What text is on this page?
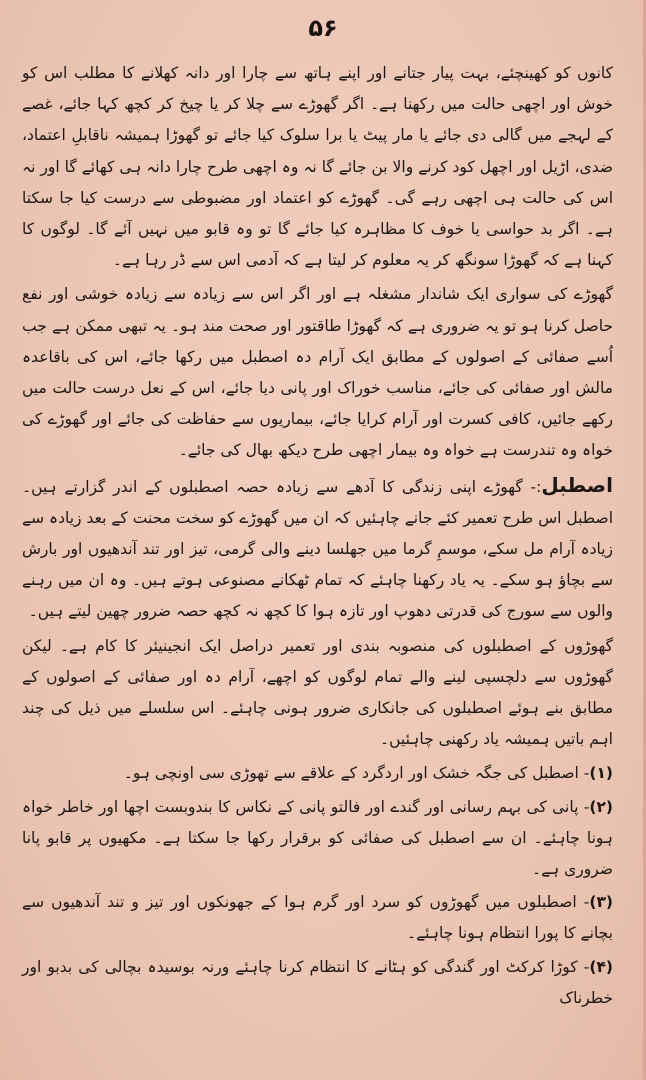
۵۶

کانوں کو کھینچئے، بہت پیار جتانے اور اپنے ہاتھ سے چارا اور دانہ کھلانے کا مطلب اس کو خوش اور اچھی حالت میں رکھنا ہے۔ اگر گھوڑے سے چلا کر یا چیخ کر کچھ کہا جائے، غصے کے لہجے میں گالی دی جائے یا مار پیٹ یا برا سلوک کیا جائے تو گھوڑا ہمیشہ ناقابلِ اعتماد، ضدی، اڑیل اور اچھل کود کرنے والا بن جائے گا نہ وہ اچھی طرح چارا دانہ ہی کھائے گا اور نہ اس کی حالت ہی اچھی رہے گی۔ گھوڑے کو اعتماد اور مضبوطی سے درست کیا جا سکتا ہے۔ اگر بد حواسی یا خوف کا مظاہرہ کیا جائے گا تو وہ قابو میں نہیں آئے گا۔ لوگوں کا کہنا ہے کہ گھوڑا سونگھ کر یہ معلوم کر لیتا ہے کہ آدمی اس سے ڈر رہا ہے۔

گھوڑے کی سواری ایک شاندار مشغلہ ہے اور اگر اس سے زیادہ سے زیادہ خوشی اور نفع حاصل کرنا ہو تو یہ ضروری ہے کہ گھوڑا طاقتور اور صحت مند ہو۔ یہ تبھی ممکن ہے جب اُسے صفائی کے اصولوں کے مطابق ایک آرام دہ اصطبل میں رکھا جائے، اس کی باقاعدہ مالش اور صفائی کی جائے، مناسب خوراک اور پانی دیا جائے، اس کے نعل درست حالت میں رکھے جائیں، کافی کسرت اور آرام کرایا جائے، بیماریوں سے حفاظت کی جائے اور گھوڑے کی خواہ وہ تندرست ہے خواہ وہ بیمار اچھی طرح دیکھ بھال کی جائے۔

اصطبل:- گھوڑے اپنی زندگی کا آدھے سے زیادہ حصہ اصطبلوں کے اندر گزارتے ہیں۔ اصطبل اس طرح تعمیر کئے جانے چاہئیں کہ ان میں گھوڑے کو سخت محنت کے بعد زیادہ سے زیادہ آرام مل سکے، موسمِ گرما میں جھلسا دینے والی گرمی، تیز اور تند آندھیوں اور بارش سے بچاؤ ہو سکے۔ یہ یاد رکھنا چاہئے کہ تمام ٹھکانے مصنوعی ہوتے ہیں۔ وہ ان میں رہنے والوں سے سورج کی قدرتی دھوپ اور تازہ ہوا کا کچھ نہ کچھ حصہ ضرور چھین لیتے ہیں۔

گھوڑوں کے اصطبلوں کی منصوبہ بندی اور تعمیر دراصل ایک انجینیئر کا کام ہے۔ لیکن گھوڑوں سے دلچسپی لینے والے تمام لوگوں کو اچھے، آرام دہ اور صفائی کے اصولوں کے مطابق بنے ہوئے اصطبلوں کی جانکاری ضرور ہونی چاہئے۔ اس سلسلے میں ذیل کی چند اہم باتیں ہمیشہ یاد رکھنی چاہئیں۔

(۱)- اصطبل کی جگہ خشک اور اردگرد کے علاقے سے تھوڑی سی اونچی ہو۔
(۲)- پانی کی بہم رسانی اور گندے اور فالتو پانی کے نکاس کا بندوبست اچھا اور خاطر خواہ ہونا چاہئے۔ ان سے اصطبل کی صفائی کو برقرار رکھا جا سکتا ہے۔ مکھیوں پر قابو پانا ضروری ہے۔
(۳)- اصطبلوں میں گھوڑوں کو سرد اور گرم ہوا کے جھونکوں اور تیز و تند آندھیوں سے بچانے کا پورا انتظام ہونا چاہئے۔
(۴)- کوڑا کرکٹ اور گندگی کو ہٹانے کا انتظام کرنا چاہئے ورنہ بوسیدہ بچالی کی بدبو اور خطرناک
